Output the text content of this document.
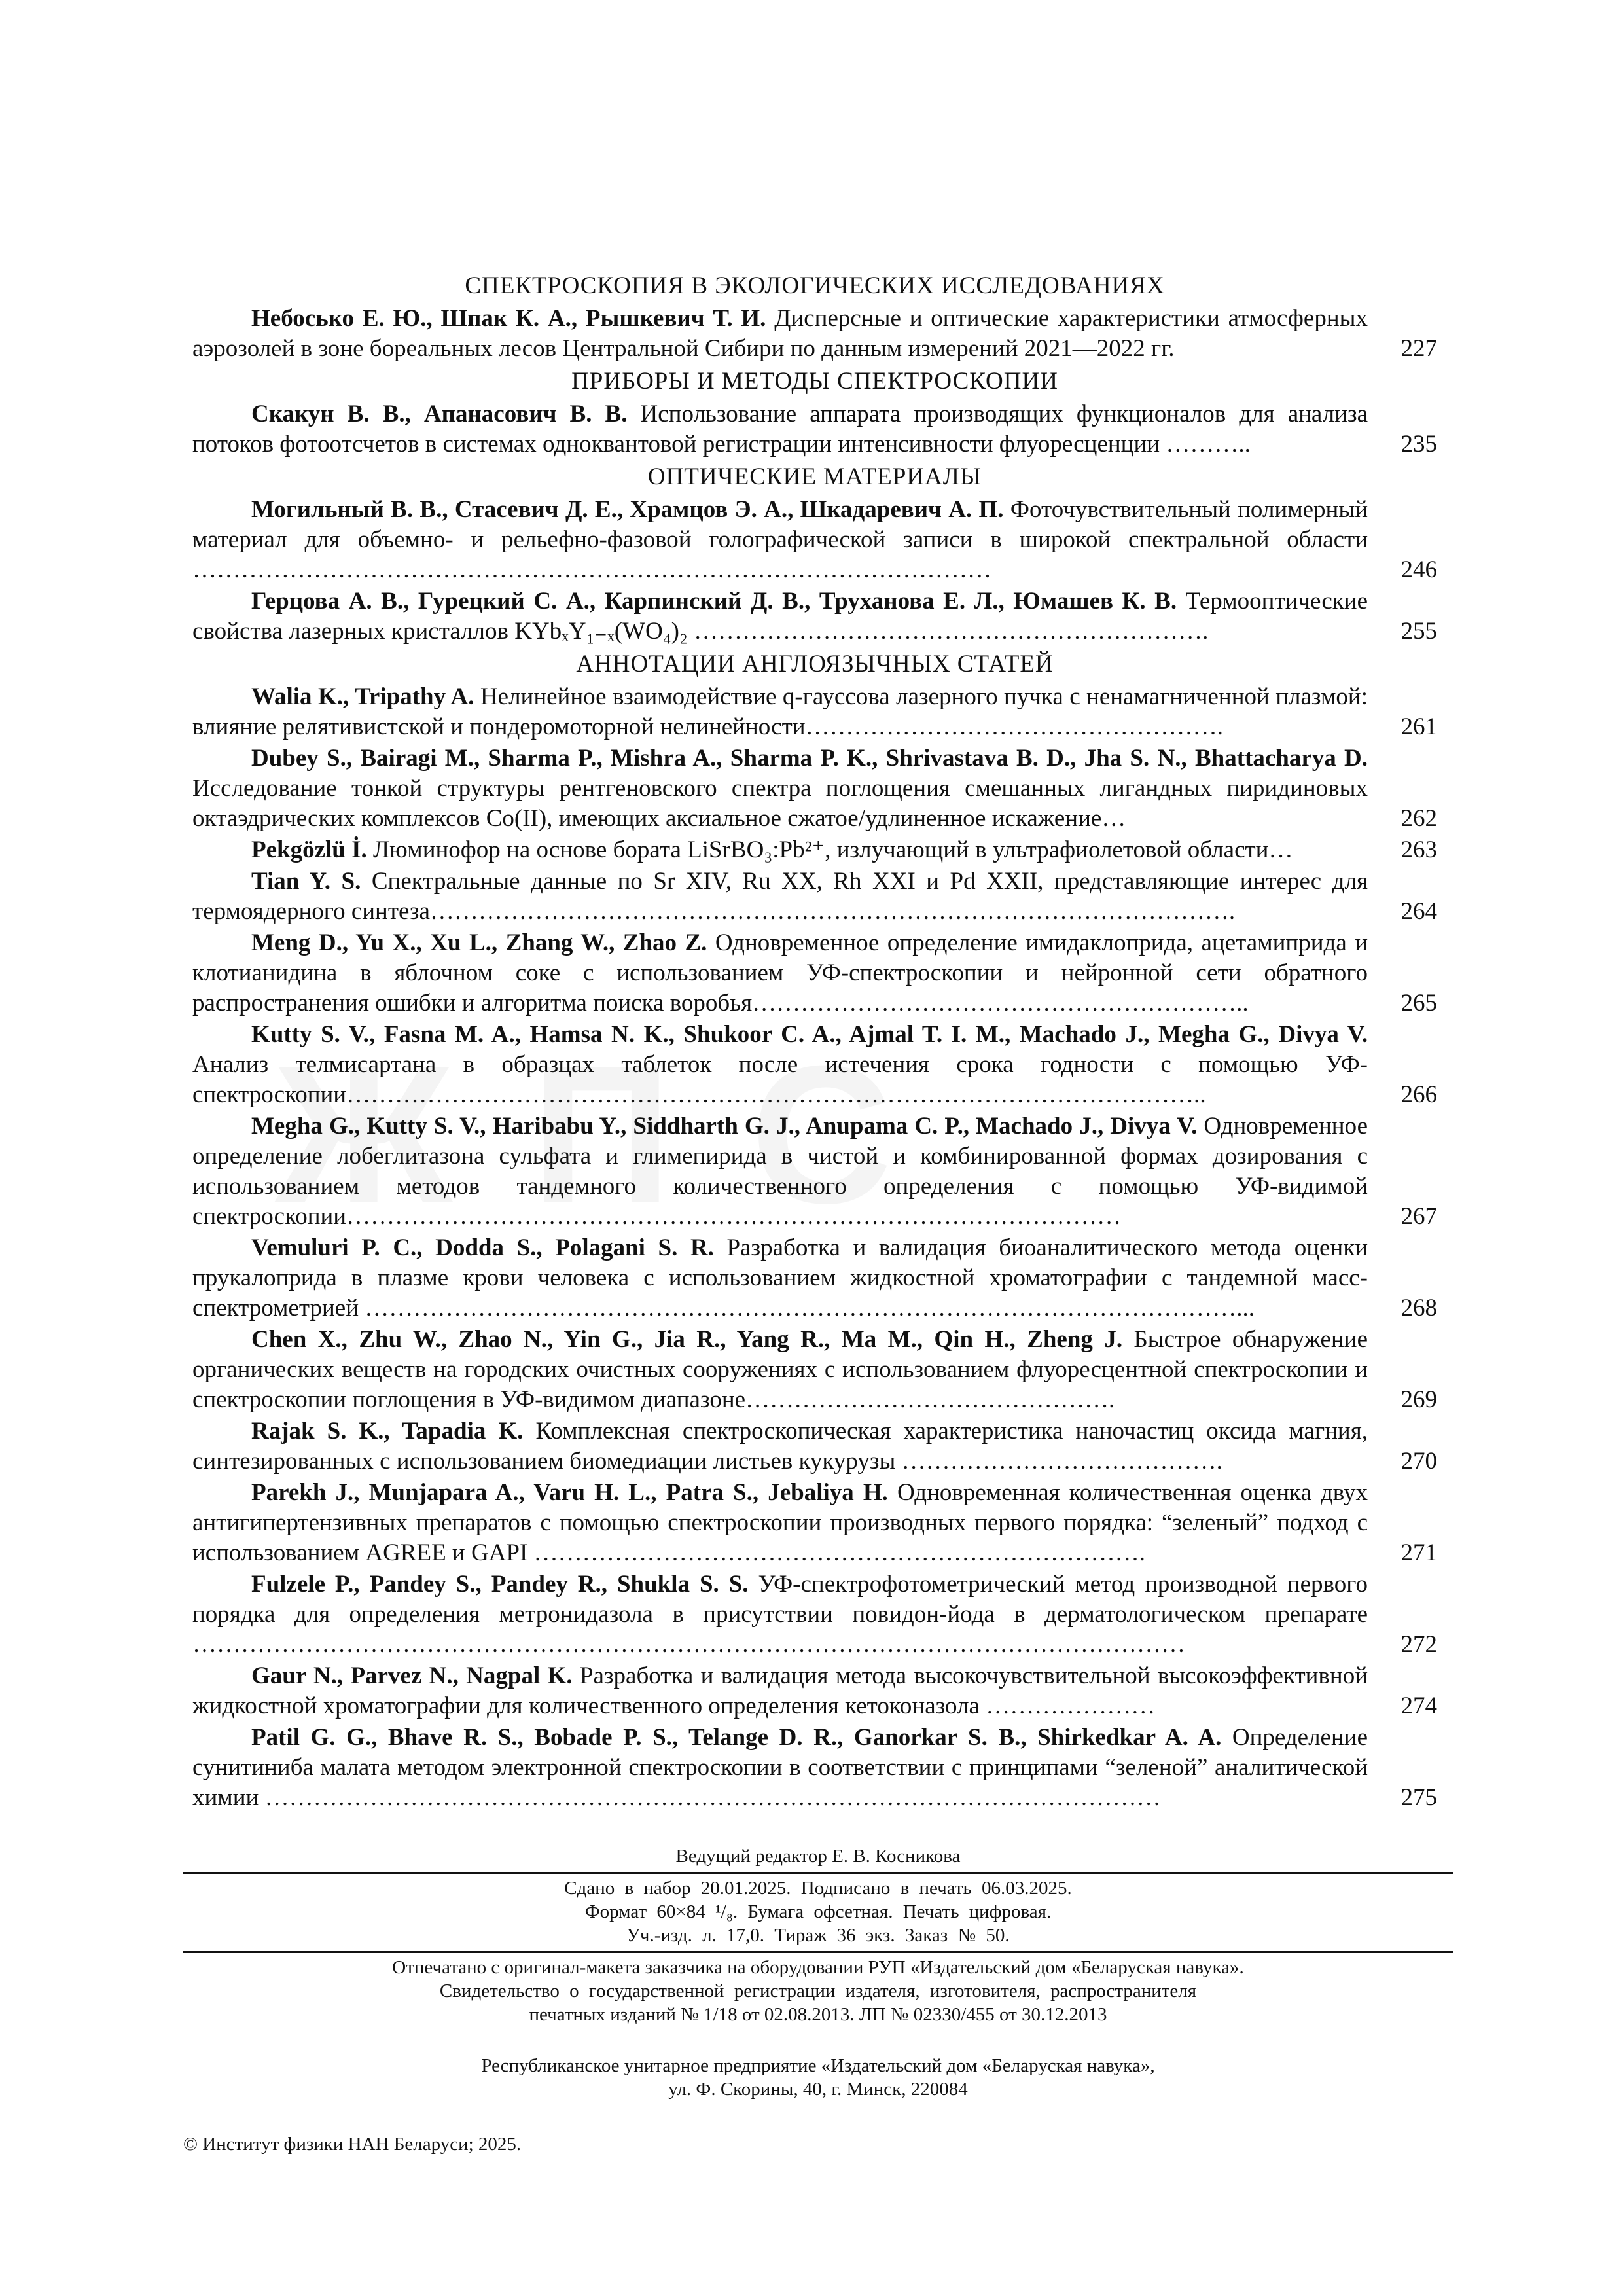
СПЕКТРОСКОПИЯ В ЭКОЛОГИЧЕСКИХ ИССЛЕДОВАНИЯХ
Небосько Е. Ю., Шпак К. А., Рышкевич Т. И. Дисперсные и оптические характеристики атмосферных аэрозолей в зоне бореальных лесов Центральной Сибири по данным измерений 2021—2022 гг.	227
ПРИБОРЫ И МЕТОДЫ СПЕКТРОСКОПИИ
Скакун В. В., Апанасович В. В. Использование аппарата производящих функционалов для анализа потоков фотоотсчетов в системах одноквантовой регистрации интенсивности флуоресценции ………..	235
ОПТИЧЕСКИЕ МАТЕРИАЛЫ
Могильный В. В., Стасевич Д. Е., Храмцов Э. А., Шкадаревич А. П. Фоточувствительный полимерный материал для объемно- и рельефно-фазовой голографической записи в широкой спектральной области ………………………………………………………………………………………	246
Герцова А. В., Гурецкий С. А., Карпинский Д. В., Труханова Е. Л., Юмашев К. В. Термооптические свойства лазерных кристаллов KYbₓY₁₋ₓ(WO₄)₂ ……………………………………………………….	255
АННОТАЦИИ АНГЛОЯЗЫЧНЫХ СТАТЕЙ
Walia K., Tripathy A. Нелинейное взаимодействие q-гауссова лазерного пучка с ненамагниченной плазмой: влияние релятивистской и пондеромоторной нелинейности…………………………………………….	261
Dubey S., Bairagi M., Sharma P., Mishra A., Sharma P. K., Shrivastava B. D., Jha S. N., Bhattacharya D. Исследование тонкой структуры рентгеновского спектра поглощения смешанных лигандных пиридиновых октаэдрических комплексов Co(II), имеющих аксиальное сжатое/удлиненное искажение…	262
Pekgözlü İ. Люминофор на основе бората LiSrBO₃:Pb²⁺, излучающий в ультрафиолетовой области…	263
Tian Y. S. Спектральные данные по Sr XIV, Ru XX, Rh XXI и Pd XXII, представляющие интерес для термоядерного синтеза……………………………………………………………………………………….	264
Meng D., Yu X., Xu L., Zhang W., Zhao Z. Одновременное определение имидаклоприда, ацетамиприда и клотианидина в яблочном соке с использованием УФ-спектроскопии и нейронной сети обратного распространения ошибки и алгоритма поиска воробья……………………………………………………..	265
Kutty S. V., Fasna M. A., Hamsa N. K., Shukoor C. A., Ajmal T. I. M., Machado J., Megha G., Divya V. Анализ телмисартана в образцах таблеток после истечения срока годности с помощью УФ-спектроскопии……………………………………………………………………………………………..	266
Megha G., Kutty S. V., Haribabu Y., Siddharth G. J., Anupama C. P., Machado J., Divya V. Одновременное определение лобеглитазона сульфата и глимепирида в чистой и комбинированной формах дозирования с использованием методов тандемного количественного определения с помощью УФ-видимой спектроскопии……………………………………………………………………………………	267
Vemuluri P. C., Dodda S., Polagani S. R. Разработка и валидация биоаналитического метода оценки прукалоприда в плазме крови человека с использованием жидкостной хроматографии с тандемной масс-спектрометрией ………………………………………………………………………………………………...	268
Chen X., Zhu W., Zhao N., Yin G., Jia R., Yang R., Ma M., Qin H., Zheng J. Быстрое обнаружение органических веществ на городских очистных сооружениях с использованием флуоресцентной спектроскопии и спектроскопии поглощения в УФ-видимом диапазоне……………………………………….	269
Rajak S. K., Tapadia K. Комплексная спектроскопическая характеристика наночастиц оксида магния, синтезированных с использованием биомедиации листьев кукурузы ………………………………….	270
Parekh J., Munjapara A., Varu H. L., Patra S., Jebaliya H. Одновременная количественная оценка двух антигипертензивных препаратов с помощью спектроскопии производных первого порядка: “зеленый” подход с использованием AGREE и GAPI ………………………………………………………………….	271
Fulzele P., Pandey S., Pandey R., Shukla S. S. УФ-спектрофотометрический метод производной первого порядка для определения метронидазола в присутствии повидон-йода в дерматологическом препарате ……………………………………………………………………………………………………………	272
Gaur N., Parvez N., Nagpal K. Разработка и валидация метода высокочувствительной высокоэффективной жидкостной хроматографии для количественного определения кетоконазола …………………	274
Patil G. G., Bhave R. S., Bobade P. S., Telange D. R., Ganorkar S. B., Shirkedkar A. A. Определение сунитиниба малата методом электронной спектроскопии в соответствии с принципами “зеленой” аналитической химии …………………………………………………………………………………………………	275
Ведущий редактор Е. В. Косникова
Сдано в набор 20.01.2025. Подписано в печать 06.03.2025.
Формат 60×84 ¹/₈. Бумага офсетная. Печать цифровая.
Уч.-изд. л. 17,0. Тираж 36 экз. Заказ № 50.
Отпечатано с оригинал-макета заказчика на оборудовании РУП «Издательский дом «Беларуская навука».
Свидетельство о государственной регистрации издателя, изготовителя, распространителя
печатных изданий № 1/18 от 02.08.2013. ЛП № 02330/455 от 30.12.2013
Республиканское унитарное предприятие «Издательский дом «Беларуская навука»,
ул. Ф. Скорины, 40, г. Минск, 220084
© Институт физики НАН Беларуси; 2025.
